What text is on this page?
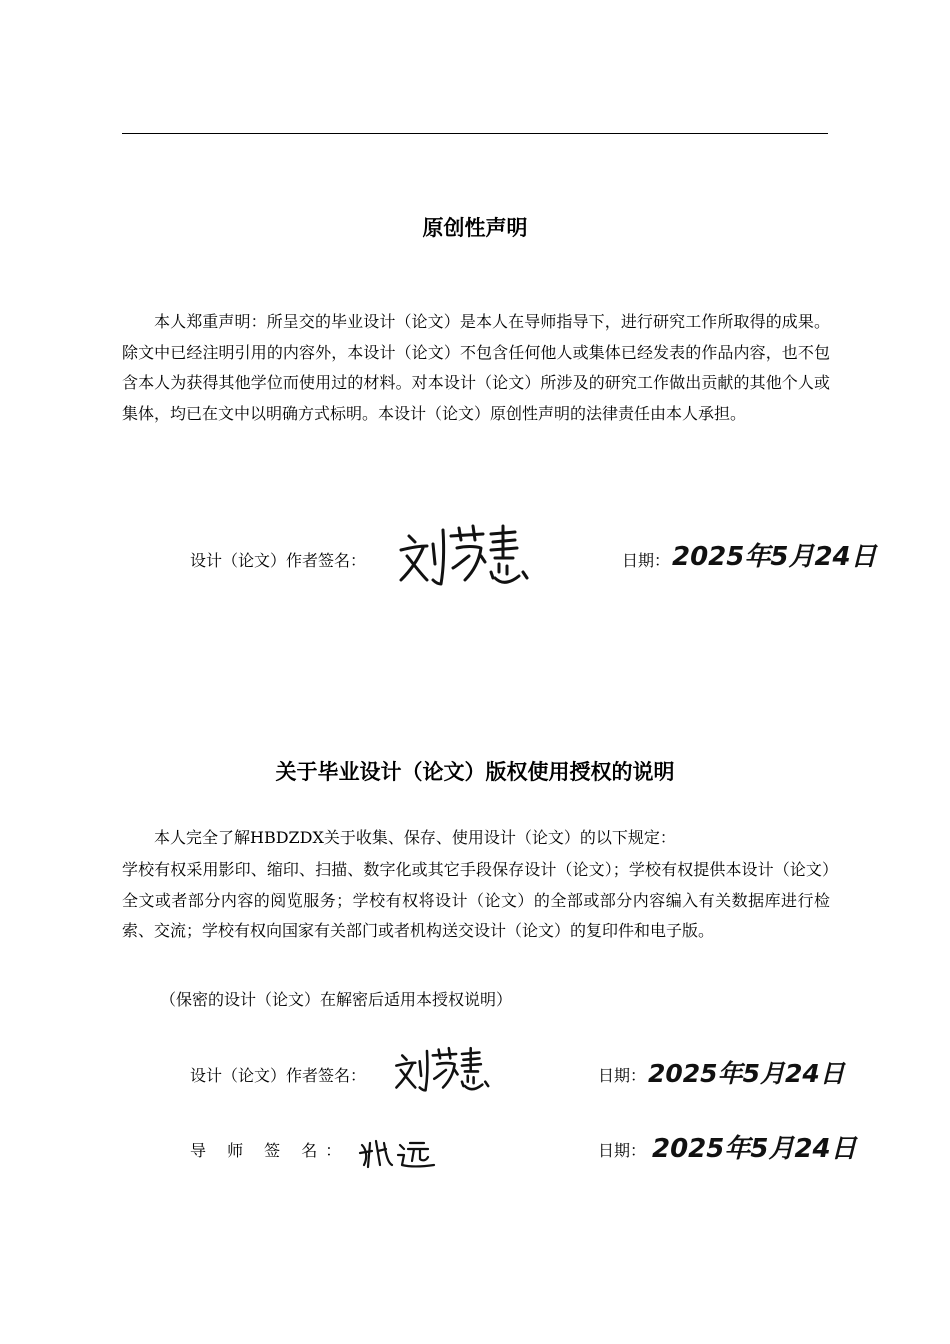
原创性声明
本人郑重声明：所呈交的毕业设计（论文）是本人在导师指导下，进行研究工作所取得的成果。除文中已经注明引用的内容外，本设计（论文）不包含任何他人或集体已经发表的作品内容，也不包含本人为获得其他学位而使用过的材料。对本设计（论文）所涉及的研究工作做出贡献的其他个人或集体，均已在文中以明确方式标明。本设计（论文）原创性声明的法律责任由本人承担。
设计（论文）作者签名：	日期： 2025年5月24日
关于毕业设计（论文）版权使用授权的说明
本人完全了解HBDZDX关于收集、保存、使用设计（论文）的以下规定：
学校有权采用影印、缩印、扫描、数字化或其它手段保存设计（论文）；学校有权提供本设计（论文）全文或者部分内容的阅览服务；学校有权将设计（论文）的全部或部分内容编入有关数据库进行检索、交流；学校有权向国家有关部门或者机构送交设计（论文）的复印件和电子版。
（保密的设计（论文）在解密后适用本授权说明）
设计（论文）作者签名：	日期： 2025年5月24日
导 师 签 名：	日期： 2025年5月24日
